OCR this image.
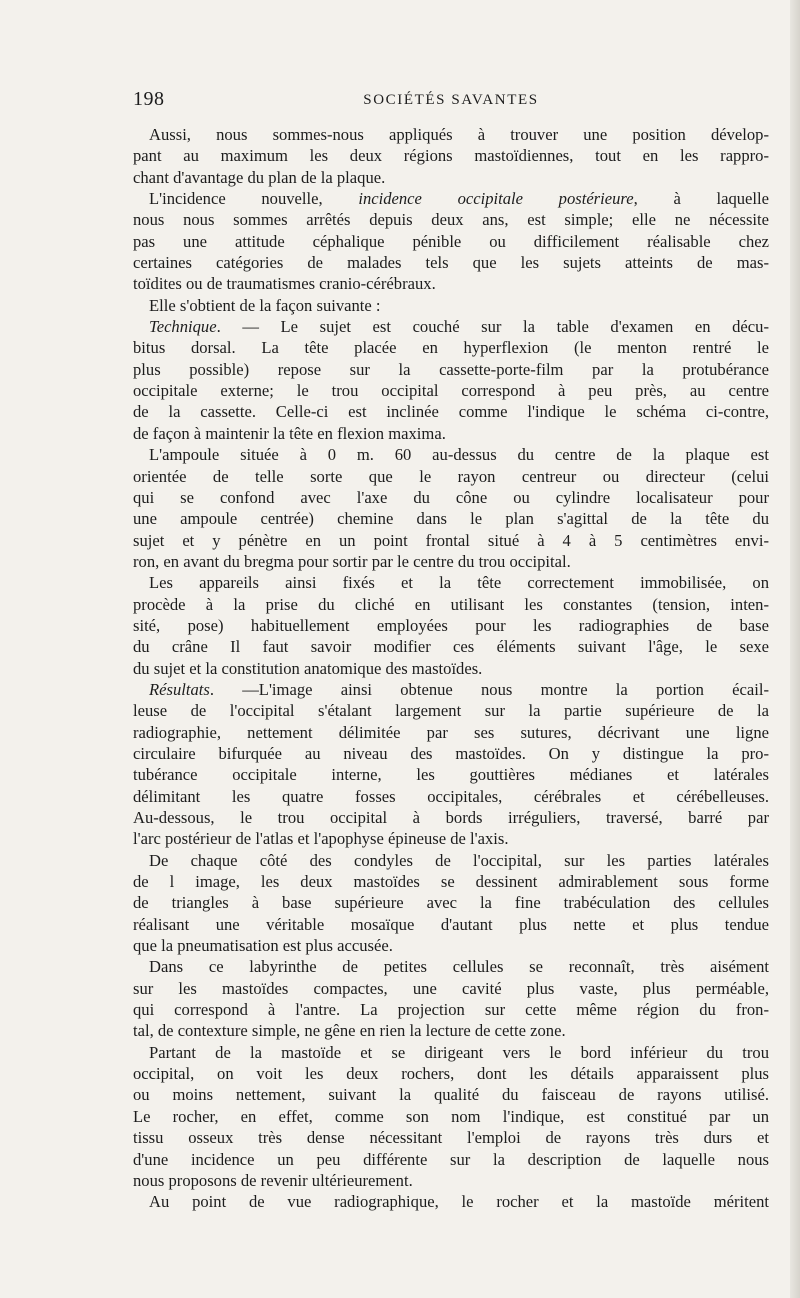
198	SOCIÉTÉS SAVANTES
Aussi, nous sommes-nous appliqués à trouver une position dévelop-
pant au maximum les deux régions mastoïdiennes, tout en les rappro-
chant d'avantage du plan de la plaque.
L'incidence nouvelle, incidence occipitale postérieure, à laquelle
nous nous sommes arrêtés depuis deux ans, est simple; elle ne nécessite
pas une attitude céphalique pénible ou difficilement réalisable chez
certaines catégories de malades tels que les sujets atteints de mas-
toïdites ou de traumatismes cranio-cérébraux.
Elle s'obtient de la façon suivante :
Technique. — Le sujet est couché sur la table d'examen en décu-
bitus dorsal. La tête placée en hyperflexion (le menton rentré le
plus possible) repose sur la cassette-porte-film par la protubérance
occipitale externe; le trou occipital correspond à peu près, au centre
de la cassette. Celle-ci est inclinée comme l'indique le schéma ci-contre,
de façon à maintenir la tête en flexion maxima.
L'ampoule située à 0 m. 60 au-dessus du centre de la plaque est
orientée de telle sorte que le rayon centreur ou directeur (celui
qui se confond avec l'axe du cône ou cylindre localisateur pour
une ampoule centrée) chemine dans le plan s'agittal de la tête du
sujet et y pénètre en un point frontal situé à 4 à 5 centimètres envi-
ron, en avant du bregma pour sortir par le centre du trou occipital.
Les appareils ainsi fixés et la tête correctement immobilisée, on
procède à la prise du cliché en utilisant les constantes (tension, inten-
sité, pose) habituellement employées pour les radiographies de base
du crâne Il faut savoir modifier ces éléments suivant l'âge, le sexe
du sujet et la constitution anatomique des mastoïdes.
Résultats. —L'image ainsi obtenue nous montre la portion écail-
leuse de l'occipital s'étalant largement sur la partie supérieure de la
radiographie, nettement délimitée par ses sutures, décrivant une ligne
circulaire bifurquée au niveau des mastoïdes. On y distingue la pro-
tubérance occipitale interne, les gouttières médianes et latérales
délimitant les quatre fosses occipitales, cérébrales et cérébelleuses.
Au-dessous, le trou occipital à bords irréguliers, traversé, barré par
l'arc postérieur de l'atlas et l'apophyse épineuse de l'axis.
De chaque côté des condyles de l'occipital, sur les parties latérales
de l image, les deux mastoïdes se dessinent admirablement sous forme
de triangles à base supérieure avec la fine trabéculation des cellules
réalisant une véritable mosaïque d'autant plus nette et plus tendue
que la pneumatisation est plus accusée.
Dans ce labyrinthe de petites cellules se reconnaît, très aisément
sur les mastoïdes compactes, une cavité plus vaste, plus perméable,
qui correspond à l'antre. La projection sur cette même région du fron-
tal, de contexture simple, ne gêne en rien la lecture de cette zone.
Partant de la mastoïde et se dirigeant vers le bord inférieur du trou
occipital, on voit les deux rochers, dont les détails apparaissent plus
ou moins nettement, suivant la qualité du faisceau de rayons utilisé.
Le rocher, en effet, comme son nom l'indique, est constitué par un
tissu osseux très dense nécessitant l'emploi de rayons très durs et
d'une incidence un peu différente sur la description de laquelle nous
nous proposons de revenir ultérieurement.
Au point de vue radiographique, le rocher et la mastoïde méritent
